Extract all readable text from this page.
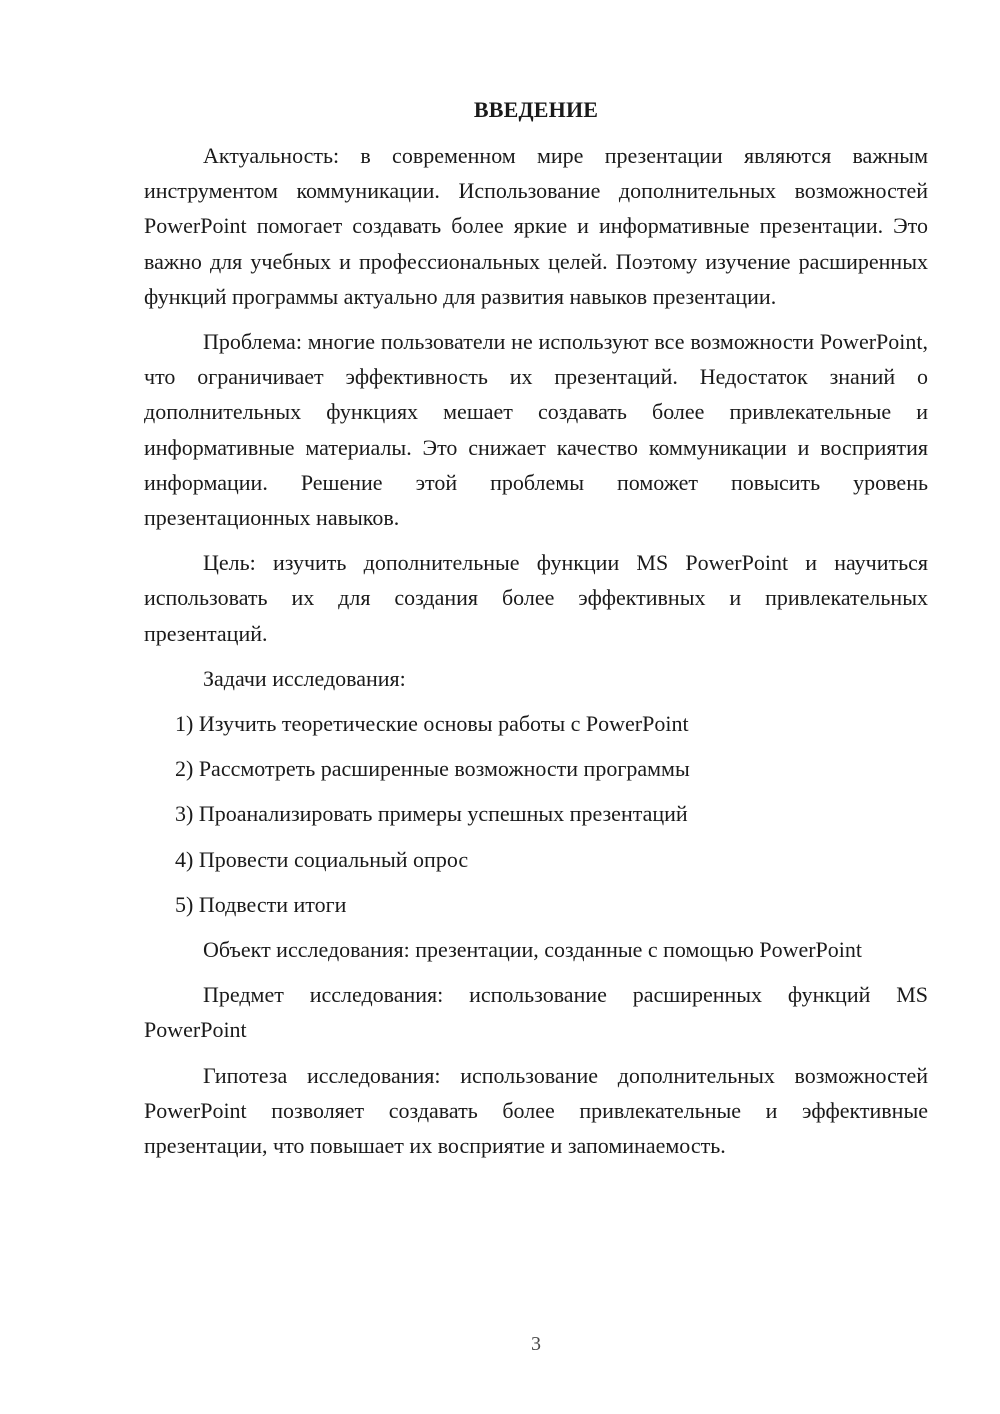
ВВЕДЕНИЕ

Актуальность: в современном мире презентации являются важным инструментом коммуникации. Использование дополнительных возможностей PowerPoint помогает создавать более яркие и информативные презентации. Это важно для учебных и профессиональных целей. Поэтому изучение расширенных функций программы актуально для развития навыков презентации.

Проблема: многие пользователи не используют все возможности PowerPoint, что ограничивает эффективность их презентаций. Недостаток знаний о дополнительных функциях мешает создавать более привлекательные и информативные материалы. Это снижает качество коммуникации и восприятия информации. Решение этой проблемы поможет повысить уровень презентационных навыков.

Цель: изучить дополнительные функции MS PowerPoint и научиться использовать их для создания более эффективных и привлекательных презентаций.

Задачи исследования:

1) Изучить теоретические основы работы с PowerPoint
2) Рассмотреть расширенные возможности программы
3) Проанализировать примеры успешных презентаций
4) Провести социальный опрос
5) Подвести итоги

Объект исследования: презентации, созданные с помощью PowerPoint

Предмет исследования: использование расширенных функций MS PowerPoint

Гипотеза исследования: использование дополнительных возможностей PowerPoint позволяет создавать более привлекательные и эффективные презентации, что повышает их восприятие и запоминаемость.

3
